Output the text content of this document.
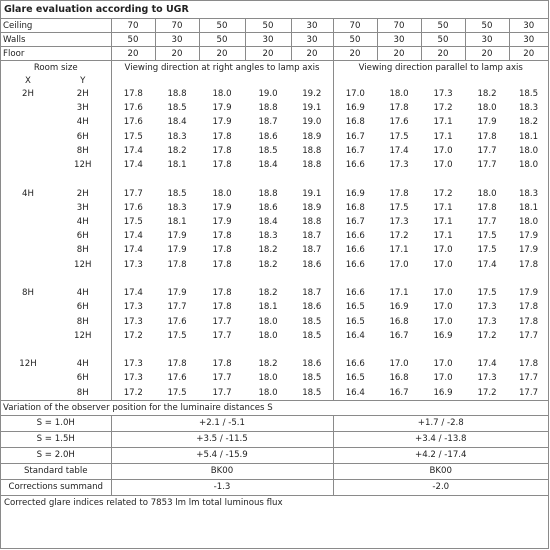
Glare evaluation according to UGR
Ceiling		70	70	50	50	30	70	70	50	50	30
Walls		50	30	50	30	30	50	30	50	30	30
Floor		20	20	20	20	20	20	20	20	20	20
Room size		Viewing direction at right angles to lamp axis					Viewing direction parallel to lamp axis				
X	Y										
2H	2H	17.8	18.8	18.0	19.0	19.2	17.0	18.0	17.3	18.2	18.5
	3H	17.6	18.5	17.9	18.8	19.1	16.9	17.8	17.2	18.0	18.3
	4H	17.6	18.4	17.9	18.7	19.0	16.8	17.6	17.1	17.9	18.2
	6H	17.5	18.3	17.8	18.6	18.9	16.7	17.5	17.1	17.8	18.1
	8H	17.4	18.2	17.8	18.5	18.8	16.7	17.4	17.0	17.7	18.0
	12H	17.4	18.1	17.8	18.4	18.8	16.6	17.3	17.0	17.7	18.0

4H	2H	17.7	18.5	18.0	18.8	19.1	16.9	17.8	17.2	18.0	18.3
	3H	17.6	18.3	17.9	18.6	18.9	16.8	17.5	17.1	17.8	18.1
	4H	17.5	18.1	17.9	18.4	18.8	16.7	17.3	17.1	17.7	18.0
	6H	17.4	17.9	17.8	18.3	18.7	16.6	17.2	17.1	17.5	17.9
	8H	17.4	17.9	17.8	18.2	18.7	16.6	17.1	17.0	17.5	17.9
	12H	17.3	17.8	17.8	18.2	18.6	16.6	17.0	17.0	17.4	17.8

8H	4H	17.4	17.9	17.8	18.2	18.7	16.6	17.1	17.0	17.5	17.9
	6H	17.3	17.7	17.8	18.1	18.6	16.5	16.9	17.0	17.3	17.8
	8H	17.3	17.6	17.7	18.0	18.5	16.5	16.8	17.0	17.3	17.8
	12H	17.2	17.5	17.7	18.0	18.5	16.4	16.7	16.9	17.2	17.7

12H	4H	17.3	17.8	17.8	18.2	18.6	16.6	17.0	17.0	17.4	17.8
	6H	17.3	17.6	17.7	18.0	18.5	16.5	16.8	17.0	17.3	17.7
	8H	17.2	17.5	17.7	18.0	18.5	16.4	16.7	16.9	17.2	17.7
Variation of the observer position for the luminaire distances S											
S = 1.0H		+2.1 / -5.1					+1.7 / -2.8				
S = 1.5H		+3.5 / -11.5					+3.4 / -13.8				
S = 2.0H		+5.4 / -15.9					+4.2 / -17.4				
Standard table		BK00					BK00				
Corrections summand		-1.3					-2.0				
Corrected glare indices related to 7853 lm lm total luminous flux
